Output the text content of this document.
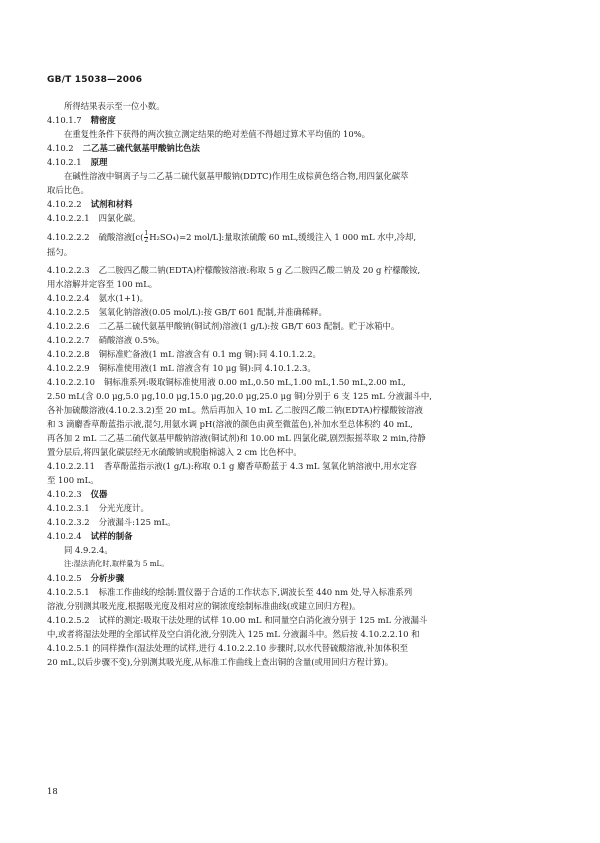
GB/T 15038—2006
所得结果表示至一位小数。
4.10.1.7 精密度
在重复性条件下获得的两次独立测定结果的绝对差值不得超过算术平均值的 10%。
4.10.2 二乙基二硫代氨基甲酸钠比色法
4.10.2.1 原理
在碱性溶液中铜离子与二乙基二硫代氨基甲酸钠(DDTC)作用生成棕黄色络合物,用四氯化碳萃
取后比色。
4.10.2.2 试剂和材料
4.10.2.2.1 四氯化碳。
4.10.2.2.2 硫酸溶液[$c( \frac{1}{2} H_2SO_4)=2$ mol/L]:量取浓硫酸 60 mL,缓缓注入 1 000 mL 水中,冷却,
摇匀。
4.10.2.2.3 乙二胺四乙酸二钠(EDTA)柠檬酸铵溶液:称取 5 g 乙二胺四乙酸二钠及 20 g 柠檬酸铵,
用水溶解并定容至 100 mL。
4.10.2.2.4 氨水(1+1)。
4.10.2.2.5 氢氧化钠溶液(0.05 mol/L):按 GB/T 601 配制,并准确稀释。
4.10.2.2.6 二乙基二硫代氨基甲酸钠(铜试剂)溶液(1 g/L):按 GB/T 603 配制。贮于冰箱中。
4.10.2.2.7 硝酸溶液 0.5%。
4.10.2.2.8 铜标准贮备液(1 mL 溶液含有 0.1 mg 铜):同 4.10.1.2.2。
4.10.2.2.9 铜标准使用液(1 mL 溶液含有 10 μg 铜):同 4.10.1.2.3。
4.10.2.2.10 铜标准系列:吸取铜标准使用液 0.00 mL,0.50 mL,1.00 mL,1.50 mL,2.00 mL,
2.50 mL(含 0.0 μg,5.0 μg,10.0 μg,15.0 μg,20.0 μg,25.0 μg 铜)分别于 6 支 125 mL 分液漏斗中,
各补加硫酸溶液(4.10.2.3.2)至 20 mL。然后再加入 10 mL 乙二胺四乙酸二钠(EDTA)柠檬酸铵溶液
和 3 滴麝香草酚蓝指示液,混匀,用氨水调 pH(溶液的颜色由黄至微蓝色),补加水至总体积约 40 mL,
再各加 2 mL 二乙基二硫代氨基甲酸钠溶液(铜试剂)和 10.00 mL 四氯化碳,剧烈振摇萃取 2 min,待静
置分层后,将四氯化碳层经无水硫酸钠或脱脂棉滤入 2 cm 比色杯中。
4.10.2.2.11 香草酚蓝指示液(1 g/L):称取 0.1 g 麝香草酚蓝于 4.3 mL 氢氧化钠溶液中,用水定容
至 100 mL。
4.10.2.3 仪器
4.10.2.3.1 分光光度计。
4.10.2.3.2 分液漏斗:125 mL。
4.10.2.4 试样的制备
同 4.9.2.4。
注:湿法消化时,取样量为 5 mL。
4.10.2.5 分析步骤
4.10.2.5.1 标准工作曲线的绘制:置仪器于合适的工作状态下,调波长至 440 nm 处,导入标准系列
溶液,分别测其吸光度,根据吸光度及相对应的铜浓度绘制标准曲线(或建立回归方程)。
4.10.2.5.2 试样的测定:吸取干法处理的试样 10.00 mL 和同量空白消化液分别于 125 mL 分液漏斗
中,或者将湿法处理的全部试样及空白消化液,分别洗入 125 mL 分液漏斗中。然后按 4.10.2.2.10 和
4.10.2.5.1 的同样操作(湿法处理的试样,进行 4.10.2.2.10 步骤时,以水代替硫酸溶液,补加体积至
20 mL,以后步骤不变),分别测其吸光度,从标准工作曲线上查出铜的含量(或用回归方程计算)。
18
